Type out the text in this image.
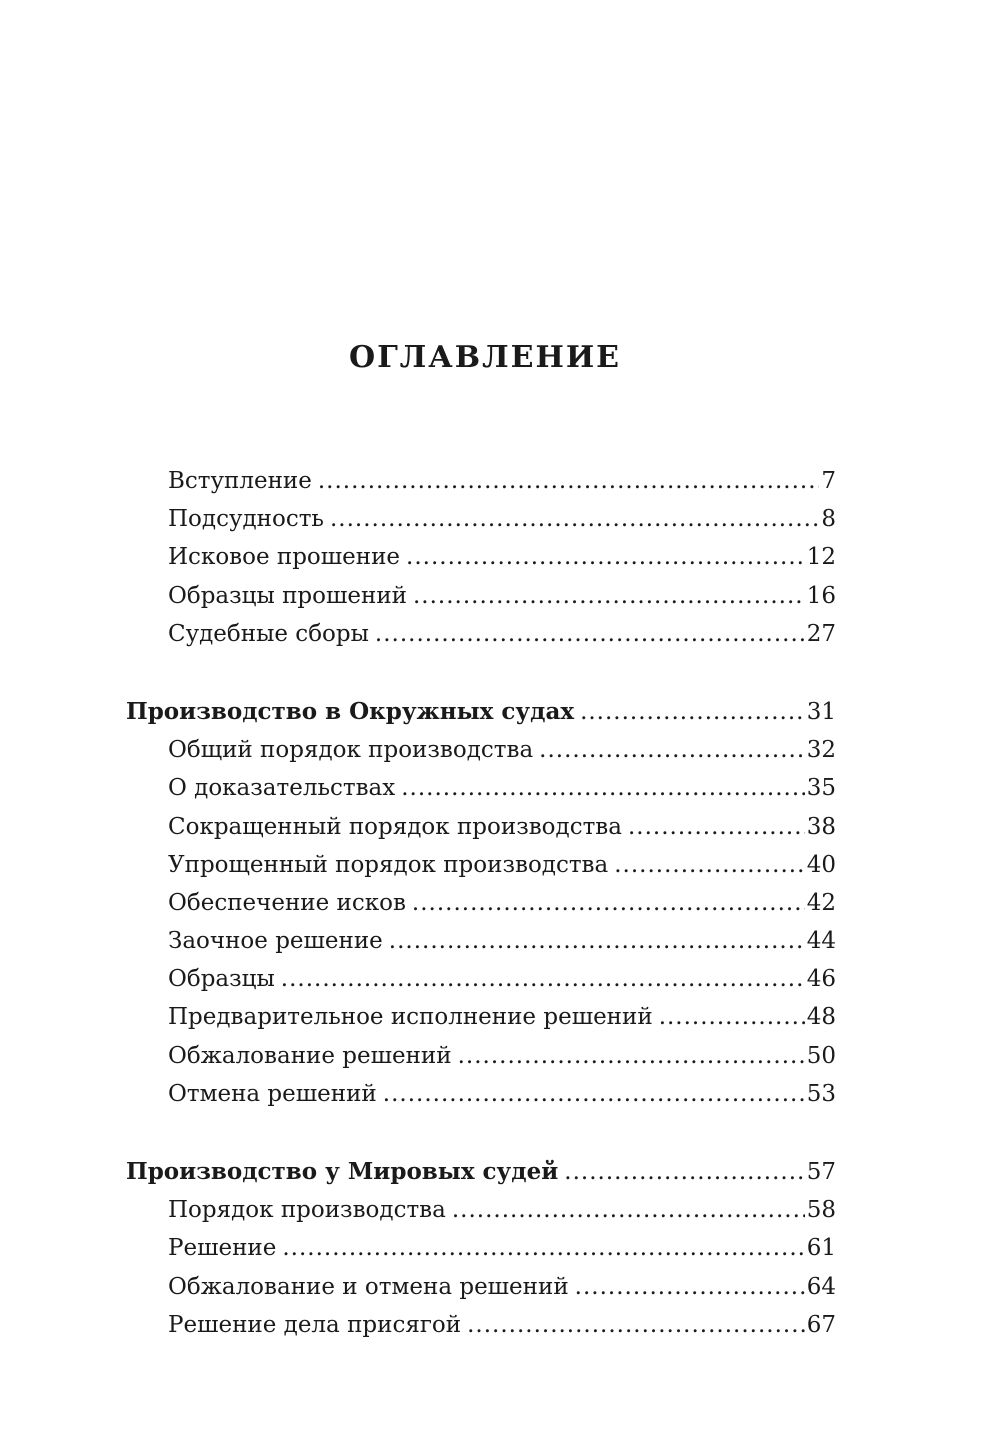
ОГЛАВЛЕНИЕ
Вступление .....	7
Подсудность .....	8
Исковое прошение .....	12
Образцы прошений .....	16
Судебные сборы .....	27
Производство в Окружных судах .....	31
Общий порядок производства .....	32
О доказательствах .....	35
Сокращенный порядок производства .....	38
Упрощенный порядок производства .....	40
Обеспечение исков .....	42
Заочное решение .....	44
Образцы .....	46
Предварительное исполнение решений .....	48
Обжалование решений .....	50
Отмена решений .....	53
Производство у Мировых судей .....	57
Порядок производства .....	58
Решение .....	61
Обжалование и отмена решений .....	64
Решение дела присягой .....	67
